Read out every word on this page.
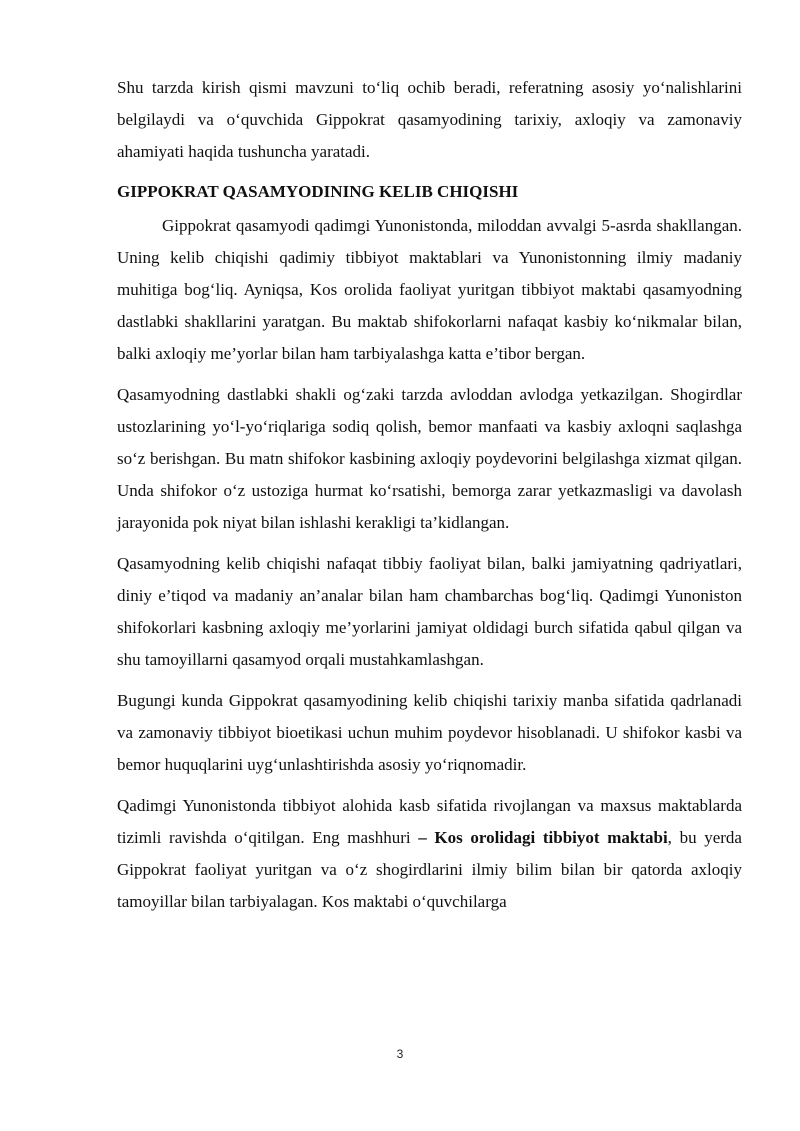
Shu tarzda kirish qismi mavzuni to‘liq ochib beradi, referatning asosiy yo‘nalishlarini belgilaydi va o‘quvchida Gippokrat qasamyodining tarixiy, axloqiy va zamonaviy ahamiyati haqida tushuncha yaratadi.

GIPPOKRAT QASAMYODINING KELIB CHIQISHI

Gippokrat qasamyodi qadimgi Yunonistonda, miloddan avvalgi 5-asrda shakllangan. Uning kelib chiqishi qadimiy tibbiyot maktablari va Yunonistonning ilmiy madaniy muhitiga bog‘liq. Ayniqsa, Kos orolida faoliyat yuritgan tibbiyot maktabi qasamyodning dastlabki shakllarini yaratgan. Bu maktab shifokorlarni nafaqat kasbiy ko‘nikmalar bilan, balki axloqiy me’yorlar bilan ham tarbiyalashga katta e’tibor bergan.

Qasamyodning dastlabki shakli og‘zaki tarzda avloddan avlodga yetkazilgan. Shogirdlar ustozlarining yo‘l-yo‘riqlariga sodiq qolish, bemor manfaati va kasbiy axloqni saqlashga so‘z berishgan. Bu matn shifokor kasbining axloqiy poydevorini belgilashga xizmat qilgan. Unda shifokor o‘z ustoziga hurmat ko‘rsatishi, bemorga zarar yetkazmasligi va davolash jarayonida pok niyat bilan ishlashi kerakligi ta’kidlangan.

Qasamyodning kelib chiqishi nafaqat tibbiy faoliyat bilan, balki jamiyatning qadriyatlari, diniy e’tiqod va madaniy an’analar bilan ham chambarchas bog‘liq. Qadimgi Yunoniston shifokorlari kasbning axloqiy me’yorlarini jamiyat oldidagi burch sifatida qabul qilgan va shu tamoyillarni qasamyod orqali mustahkamlashgan.

Bugungi kunda Gippokrat qasamyodining kelib chiqishi tarixiy manba sifatida qadrlanadi va zamonaviy tibbiyot bioetikasi uchun muhim poydevor hisoblanadi. U shifokor kasbi va bemor huquqlarini uyg‘unlashtirishda asosiy yo‘riqnomadir.

Qadimgi Yunonistonda tibbiyot alohida kasb sifatida rivojlangan va maxsus maktablarda tizimli ravishda o‘qitilgan. Eng mashhuri – Kos orolidagi tibbiyot maktabi, bu yerda Gippokrat faoliyat yuritgan va o‘z shogirdlarini ilmiy bilim bilan bir qatorda axloqiy tamoyillar bilan tarbiyalagan. Kos maktabi o‘quvchilarga

3
